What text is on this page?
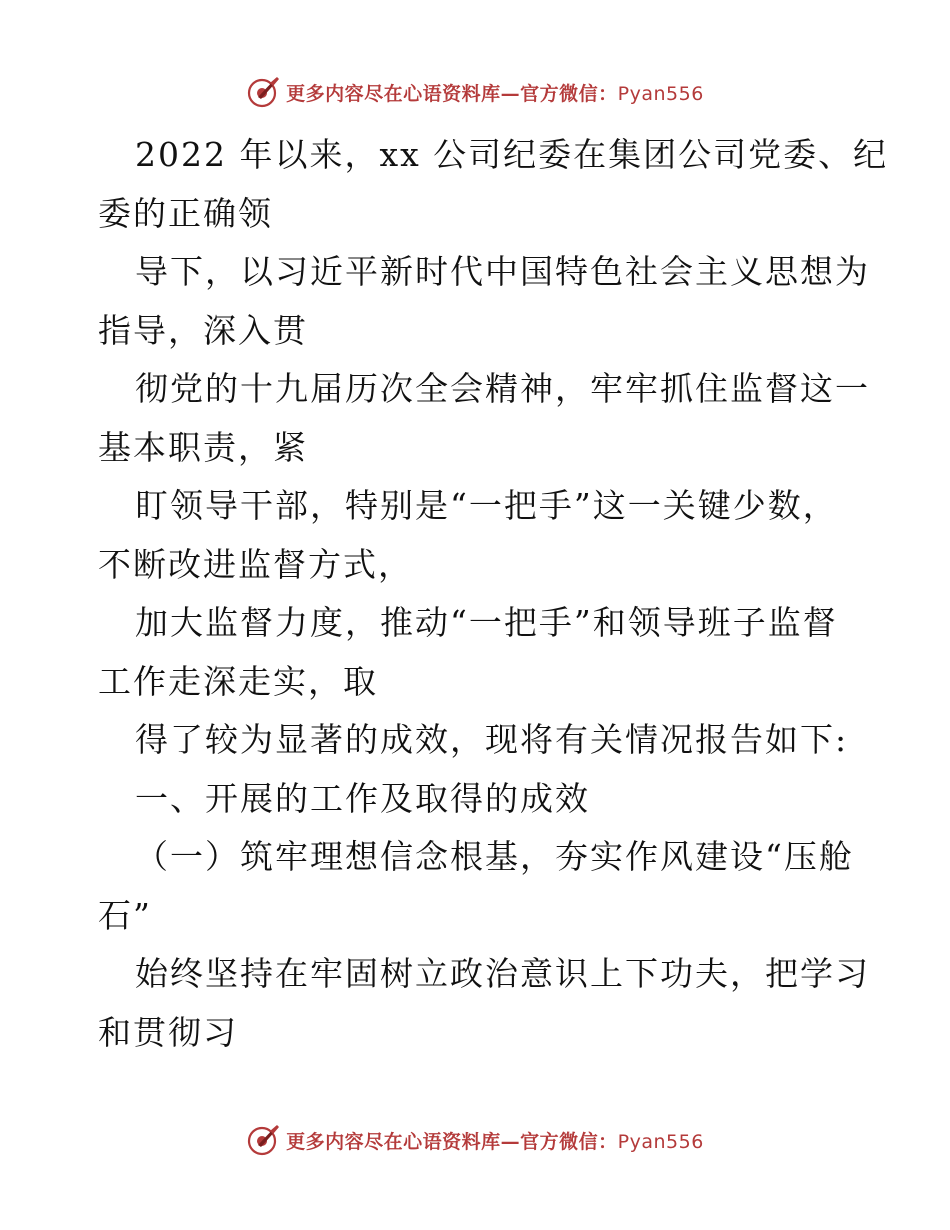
更多内容尽在心语资料库—官方微信：Pyan556
2022 年以来，xx 公司纪委在集团公司党委、纪
委的正确领
导下，以习近平新时代中国特色社会主义思想为
指导，深入贯
彻党的十九届历次全会精神，牢牢抓住监督这一
基本职责，紧
盯领导干部，特别是“一把手”这一关键少数，
不断改进监督方式，
加大监督力度，推动“一把手”和领导班子监督
工作走深走实，取
得了较为显著的成效，现将有关情况报告如下:
一、开展的工作及取得的成效
（一）筑牢理想信念根基，夯实作风建设“压舱
石”
始终坚持在牢固树立政治意识上下功夫，把学习
和贯彻习
更多内容尽在心语资料库—官方微信：Pyan556
